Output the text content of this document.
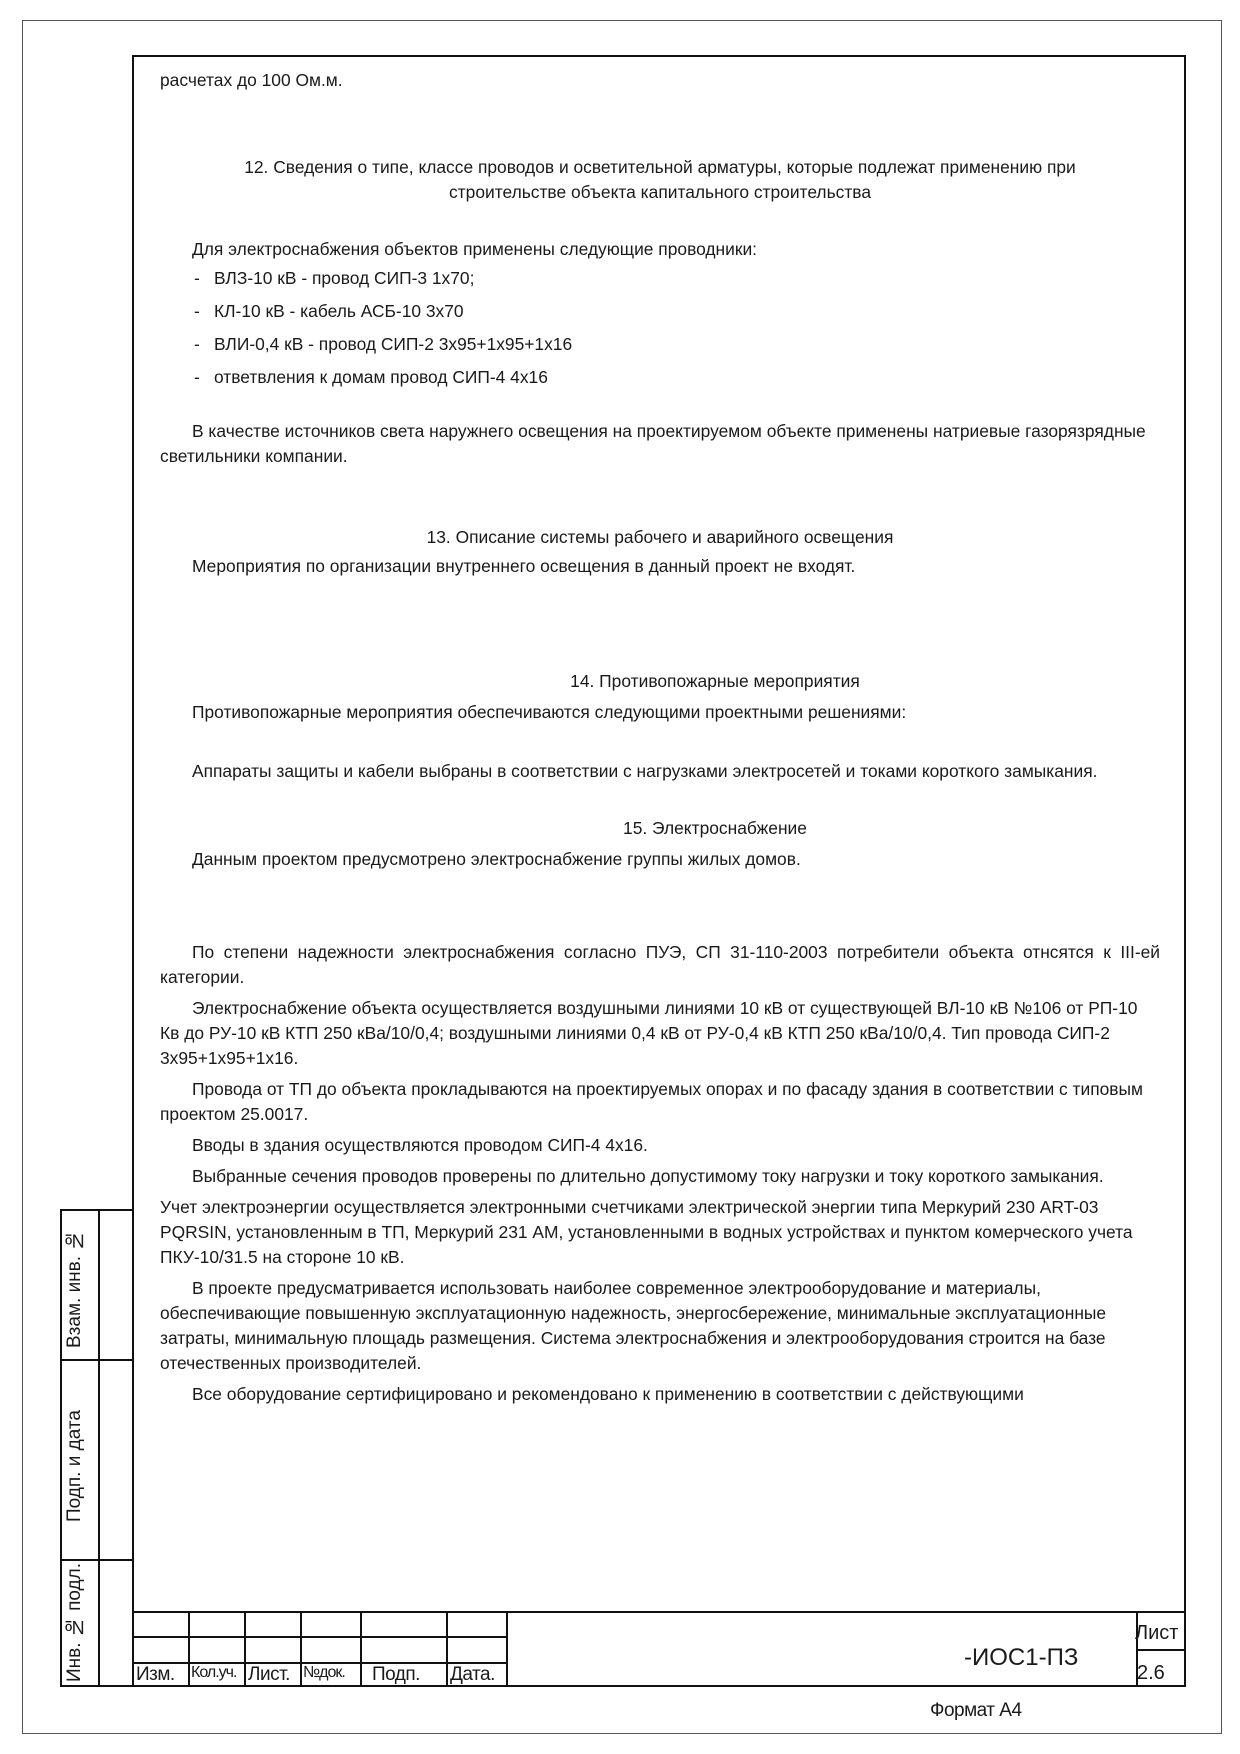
расчетах до 100 Ом.м.

12. Сведения о типе, классе проводов и осветительной арматуры, которые подлежат применению при

строительстве объекта капитального строительства

Для электроснабжения объектов применены следующие проводники:

- ВЛЗ-10 кВ - провод СИП-3 1х70;
- КЛ-10 кВ - кабель АСБ-10 3х70
- ВЛИ-0,4 кВ - провод СИП-2 3х95+1х95+1х16
- ответвления к домам провод СИП-4 4х16

В качестве источников света наружнего освещения на проектируемом объекте применены натриевые газорязрядные светильники компании.

13. Описание системы рабочего и аварийного освещения

Мероприятия по организации внутреннего освещения в данный проект не входят.

14. Противопожарные мероприятия

Противопожарные мероприятия обеспечиваются следующими проектными решениями:

Аппараты защиты и кабели выбраны в соответствии с нагрузками электросетей и токами короткого замыкания.

15. Электроснабжение

Данным проектом предусмотрено электроснабжение группы жилых домов.

По степени надежности электроснабжения согласно ПУЭ, СП 31-110-2003 потребители объекта отнсятся к III-ей категории.

Электроснабжение объекта осуществляется воздушными линиями 10 кВ от существующей ВЛ-10 кВ №106 от РП-10 Кв до РУ-10 кВ КТП 250 кВа/10/0,4; воздушными линиями 0,4 кВ от РУ-0,4 кВ КТП 250 кВа/10/0,4. Тип провода СИП-2 3х95+1х95+1х16.

Провода от ТП до объекта прокладываются на проектируемых опорах и по фасаду здания в соответствии с типовым проектом 25.0017.

Вводы в здания осуществляются проводом СИП-4 4х16.

Выбранные сечения проводов проверены по длительно допустимому току нагрузки и току короткого замыкания.

Учет электроэнергии осуществляется электронными счетчиками электрической энергии типа Меркурий 230 ART-03 PQRSIN, установленным в ТП, Меркурий 231 АМ, установленными в водных устройствах и пунктом комерческого учета ПКУ-10/31.5 на стороне 10 кВ.

В проекте предусматривается использовать наиболее современное электрооборудование и материалы, обеспечивающие повышенную эксплуатационную надежность, энергосбережение, минимальные эксплуатационные затраты, минимальную площадь размещения. Система электроснабжения и электрооборудования строится на базе отечественных производителей.

Все оборудование сертифицировано и рекомендовано к применению в соответствии с действующими

Взам. инв. №
Подп. и дата
Инв. № подл.	Изм. Кол.уч. Лист. №док. Подп. Дата.
-ИОС1-ПЗ
Лист
2.6
Формат А4
